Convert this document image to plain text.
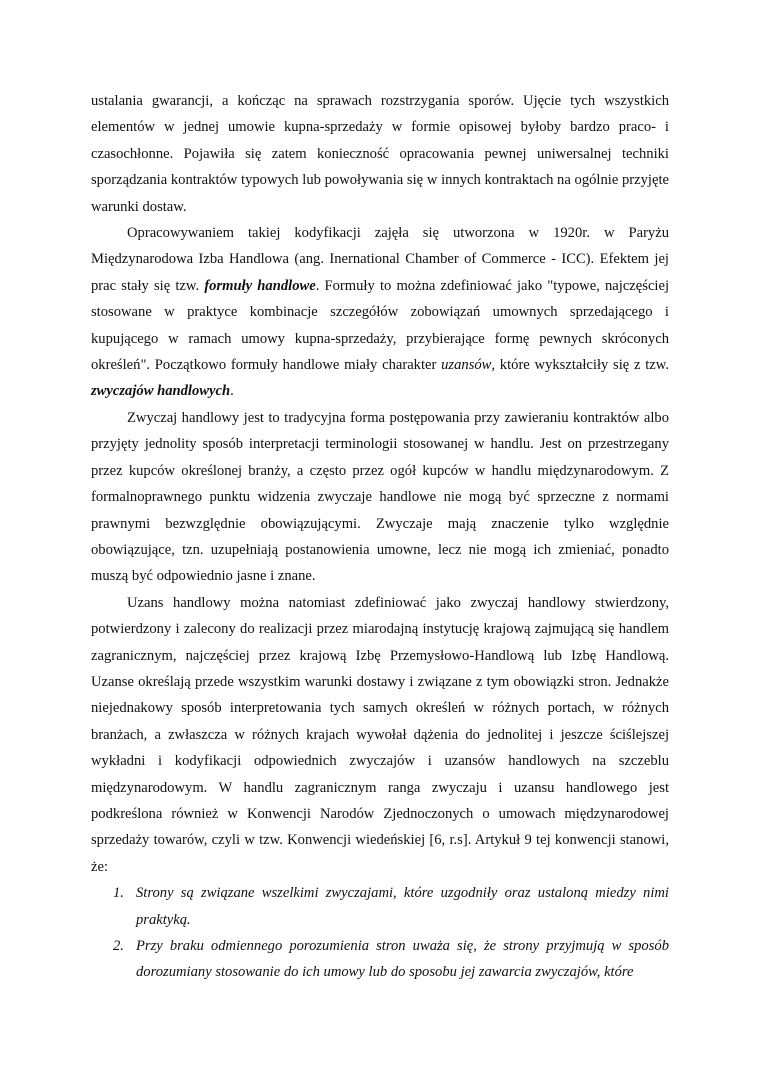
ustalania gwarancji, a kończąc na sprawach rozstrzygania sporów. Ujęcie tych wszystkich elementów w jednej umowie kupna-sprzedaży w formie opisowej byłoby bardzo praco- i czasochłonne. Pojawiła się zatem konieczność opracowania pewnej uniwersalnej techniki sporządzania kontraktów typowych lub powoływania się w innych kontraktach na ogólnie przyjęte warunki dostaw.

Opracowywaniem takiej kodyfikacji zajęła się utworzona w 1920r. w Paryżu Międzynarodowa Izba Handlowa (ang. Inernational Chamber of Commerce - ICC). Efektem jej prac stały się tzw. formuły handlowe. Formuły to można zdefiniować jako "typowe, najczęściej stosowane w praktyce kombinacje szczegółów zobowiązań umownych sprzedającego i kupującego w ramach umowy kupna-sprzedaży, przybierające formę pewnych skróconych określeń". Początkowo formuły handlowe miały charakter uzansów, które wykształciły się z tzw. zwyczajów handlowych.

Zwyczaj handlowy jest to tradycyjna forma postępowania przy zawieraniu kontraktów albo przyjęty jednolity sposób interpretacji terminologii stosowanej w handlu. Jest on przestrzegany przez kupców określonej branży, a często przez ogół kupców w handlu międzynarodowym. Z formalnoprawnego punktu widzenia zwyczaje handlowe nie mogą być sprzeczne z normami prawnymi bezwzględnie obowiązującymi. Zwyczaje mają znaczenie tylko względnie obowiązujące, tzn. uzupełniają postanowienia umowne, lecz nie mogą ich zmieniać, ponadto muszą być odpowiednio jasne i znane.

Uzans handlowy można natomiast zdefiniować jako zwyczaj handlowy stwierdzony, potwierdzony i zalecony do realizacji przez miarodajną instytucję krajową zajmującą się handlem zagranicznym, najczęściej przez krajową Izbę Przemysłowo-Handlową lub Izbę Handlową. Uzanse określają przede wszystkim warunki dostawy i związane z tym obowiązki stron. Jednakże niejednakowy sposób interpretowania tych samych określeń w różnych portach, w różnych branżach, a zwłaszcza w różnych krajach wywołał dążenia do jednolitej i jeszcze ściślejszej wykładni i kodyfikacji odpowiednich zwyczajów i uzansów handlowych na szczeblu międzynarodowym. W handlu zagranicznym ranga zwyczaju i uzansu handlowego jest podkreślona również w Konwencji Narodów Zjednoczonych o umowach międzynarodowej sprzedaży towarów, czyli w tzw. Konwencji wiedeńskiej [6, r.s]. Artykuł 9 tej konwencji stanowi, że:

1. Strony są związane wszelkimi zwyczajami, które uzgodniły oraz ustaloną miedzy nimi praktyką.
2. Przy braku odmiennego porozumienia stron uważa się, że strony przyjmują w sposób dorozumiany stosowanie do ich umowy lub do sposobu jej zawarcia zwyczajów, które
